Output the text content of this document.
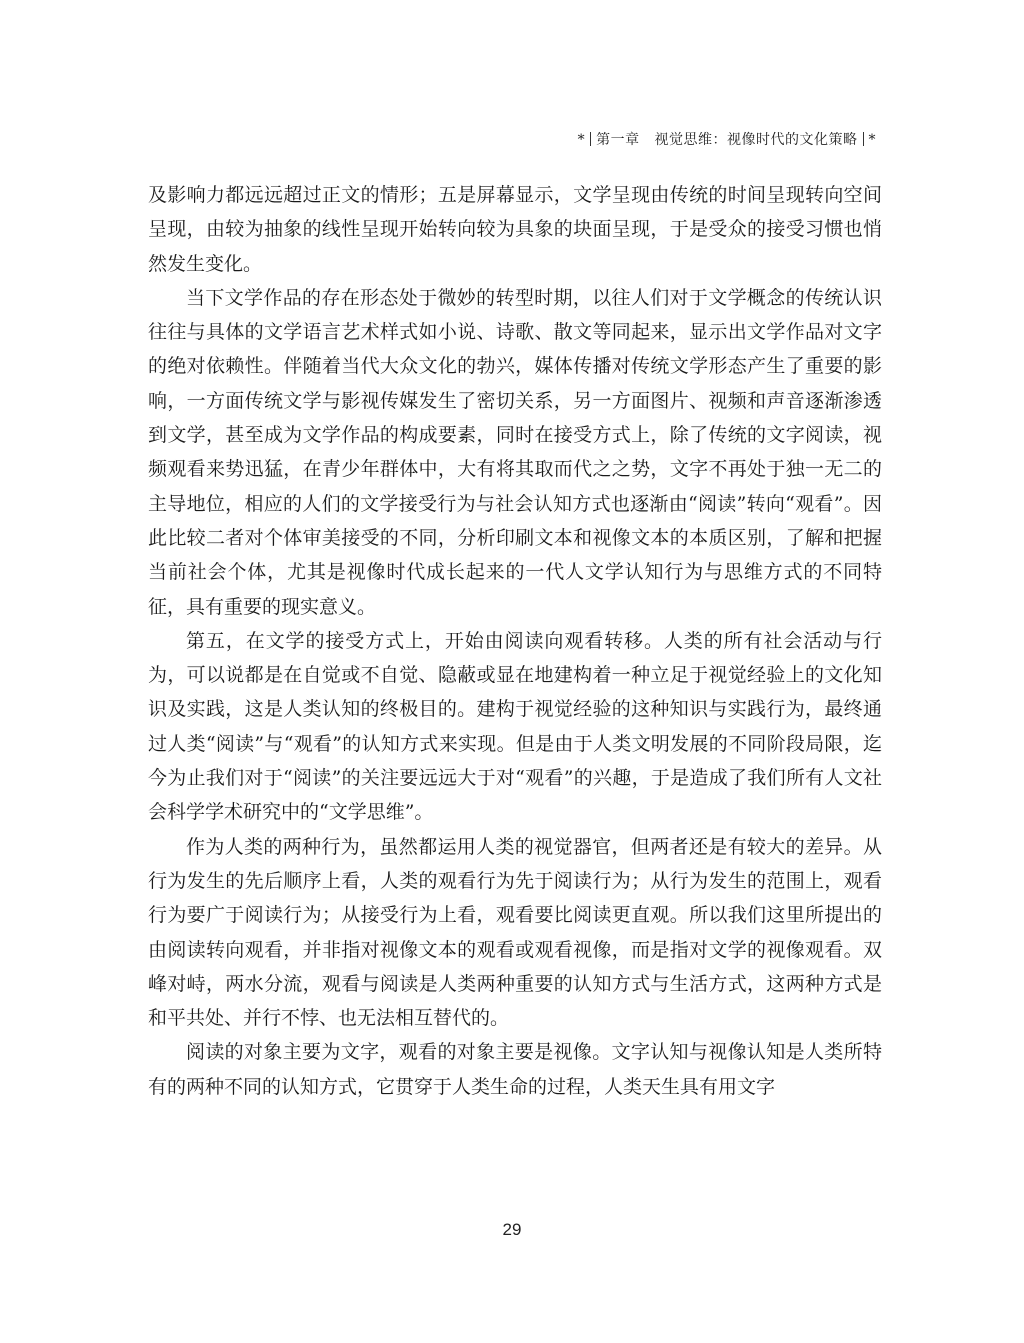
* 第一章 视觉思维：视像时代的文化策略 *

及影响力都远远超过正文的情形；五是屏幕显示，文学呈现由传统的时间呈现转向空间呈现，由较为抽象的线性呈现开始转向较为具象的块面呈现，于是受众的接受习惯也悄然发生变化。

当下文学作品的存在形态处于微妙的转型时期，以往人们对于文学概念的传统认识往往与具体的文学语言艺术样式如小说、诗歌、散文等同起来，显示出文学作品对文字的绝对依赖性。伴随着当代大众文化的勃兴，媒体传播对传统文学形态产生了重要的影响，一方面传统文学与影视传媒发生了密切关系，另一方面图片、视频和声音逐渐渗透到文学，甚至成为文学作品的构成要素，同时在接受方式上，除了传统的文字阅读，视频观看来势迅猛，在青少年群体中，大有将其取而代之之势，文字不再处于独一无二的主导地位，相应的人们的文学接受行为与社会认知方式也逐渐由“阅读”转向“观看”。因此比较二者对个体审美接受的不同，分析印刷文本和视像文本的本质区别，了解和把握当前社会个体，尤其是视像时代成长起来的一代人文学认知行为与思维方式的不同特征，具有重要的现实意义。

第五，在文学的接受方式上，开始由阅读向观看转移。人类的所有社会活动与行为，可以说都是在自觉或不自觉、隐蔽或显在地建构着一种立足于视觉经验上的文化知识及实践，这是人类认知的终极目的。建构于视觉经验的这种知识与实践行为，最终通过人类“阅读”与“观看”的认知方式来实现。但是由于人类文明发展的不同阶段局限，迄今为止我们对于“阅读”的关注要远远大于对“观看”的兴趣，于是造成了我们所有人文社会科学学术研究中的“文学思维”。

作为人类的两种行为，虽然都运用人类的视觉器官，但两者还是有较大的差异。从行为发生的先后顺序上看，人类的观看行为先于阅读行为；从行为发生的范围上，观看行为要广于阅读行为；从接受行为上看，观看要比阅读更直观。所以我们这里所提出的由阅读转向观看，并非指对视像文本的观看或观看视像，而是指对文学的视像观看。双峰对峙，两水分流，观看与阅读是人类两种重要的认知方式与生活方式，这两种方式是和平共处、并行不悖、也无法相互替代的。

阅读的对象主要为文字，观看的对象主要是视像。文字认知与视像认知是人类所特有的两种不同的认知方式，它贯穿于人类生命的过程，人类天生具有用文字

29
